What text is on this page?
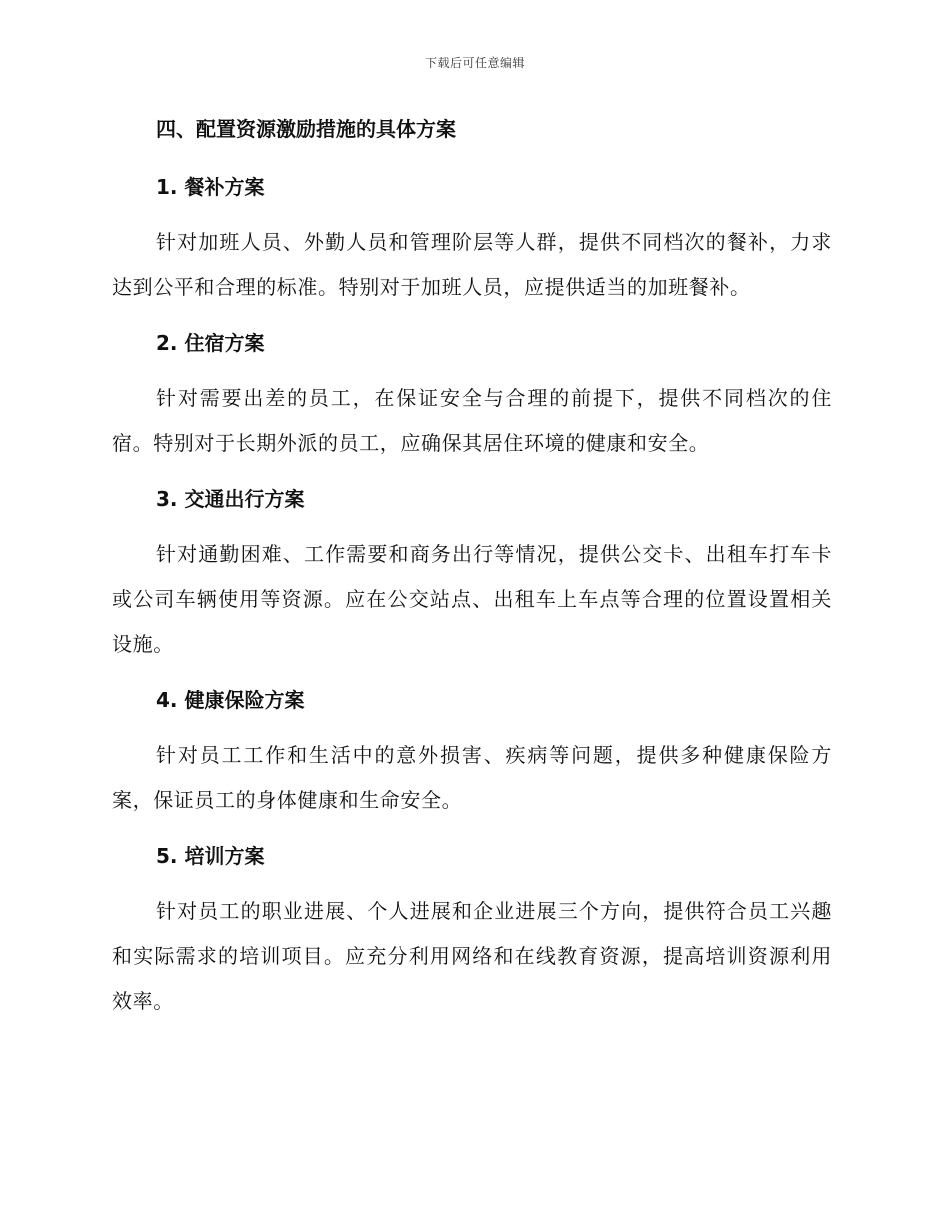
下载后可任意编辑
四、配置资源激励措施的具体方案
1. 餐补方案

针对加班人员、外勤人员和管理阶层等人群，提供不同档次的餐补，力求达到公平和合理的标准。特别对于加班人员，应提供适当的加班餐补。

2. 住宿方案

针对需要出差的员工，在保证安全与合理的前提下，提供不同档次的住宿。特别对于长期外派的员工，应确保其居住环境的健康和安全。

3. 交通出行方案

针对通勤困难、工作需要和商务出行等情况，提供公交卡、出租车打车卡或公司车辆使用等资源。应在公交站点、出租车上车点等合理的位置设置相关设施。

4. 健康保险方案

针对员工工作和生活中的意外损害、疾病等问题，提供多种健康保险方案，保证员工的身体健康和生命安全。

5. 培训方案

针对员工的职业进展、个人进展和企业进展三个方向，提供符合员工兴趣和实际需求的培训项目。应充分利用网络和在线教育资源，提高培训资源利用效率。
